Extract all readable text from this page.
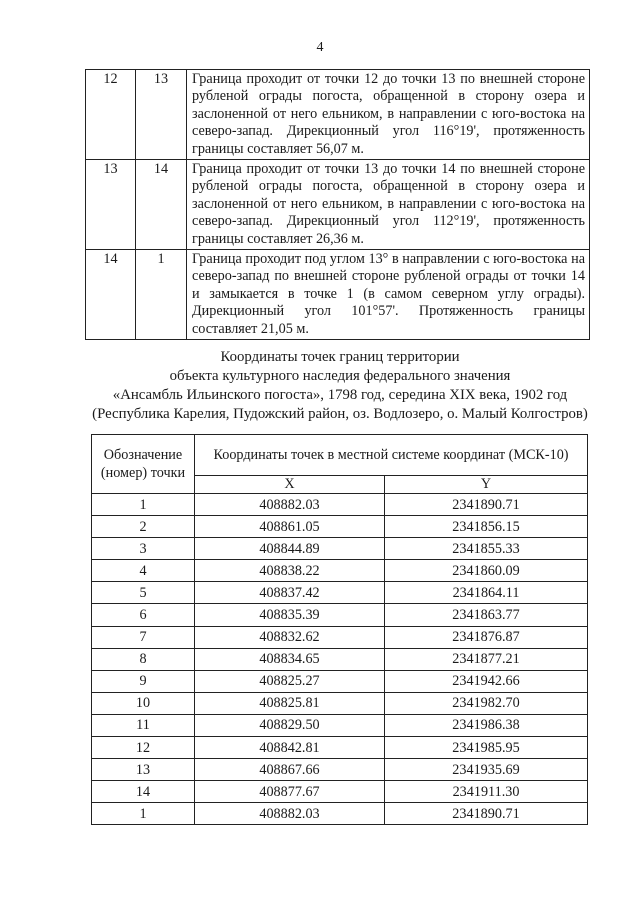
4
12	13	Граница проходит от точки 12 до точки 13 по внешней стороне рубленой ограды погоста, обращенной в сторону озера и заслоненной от него ельником, в направлении с юго-востока на северо-запад. Дирекционный угол 116°19', протяженность границы составляет 56,07 м.
13	14	Граница проходит от точки 13 до точки 14 по внешней стороне рубленой ограды погоста, обращенной в сторону озера и заслоненной от него ельником, в направлении с юго-востока на северо-запад. Дирекционный угол 112°19', протяженность границы составляет 26,36 м.
14	1	Граница проходит под углом 13° в направлении с юго-востока на северо-запад по внешней стороне рубленой ограды от точки 14 и замыкается в точке 1 (в самом северном углу ограды). Дирекционный угол 101°57'. Протяженность границы составляет 21,05 м.
Координаты точек границ территории
объекта культурного наследия федерального значения
«Ансамбль Ильинского погоста», 1798 год, середина XIX века, 1902 год
(Республика Карелия, Пудожский район, оз. Водлозеро, о. Малый Колгостров)
Обозначение (номер) точки	Координаты точек в местной системе координат (МСК-10)	
	X	Y
1	408882.03	2341890.71
2	408861.05	2341856.15
3	408844.89	2341855.33
4	408838.22	2341860.09
5	408837.42	2341864.11
6	408835.39	2341863.77
7	408832.62	2341876.87
8	408834.65	2341877.21
9	408825.27	2341942.66
10	408825.81	2341982.70
11	408829.50	2341986.38
12	408842.81	2341985.95
13	408867.66	2341935.69
14	408877.67	2341911.30
1	408882.03	2341890.71
